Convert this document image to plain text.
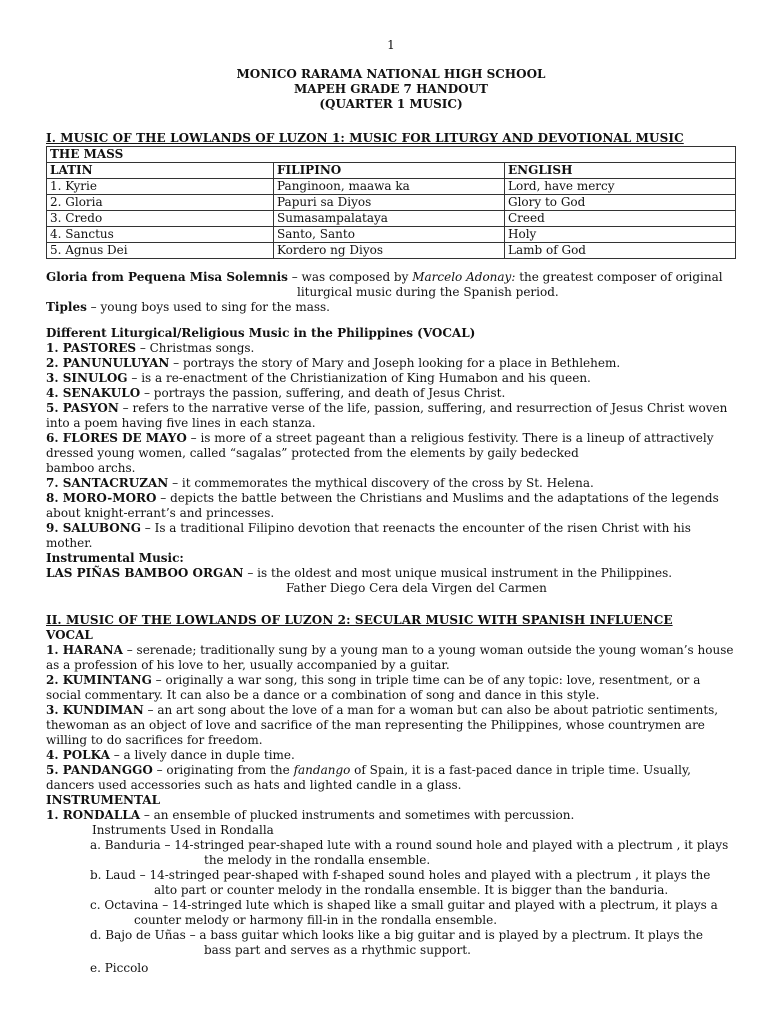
1
MONICO RARAMA NATIONAL HIGH SCHOOL
MAPEH GRADE 7 HANDOUT
(QUARTER 1 MUSIC)
I. MUSIC OF THE LOWLANDS OF LUZON 1: MUSIC FOR LITURGY AND DEVOTIONAL MUSIC
THE MASS		
LATIN	FILIPINO	ENGLISH
1. Kyrie	Panginoon, maawa ka	Lord, have mercy
2. Gloria	Papuri sa Diyos	Glory to God
3. Credo	Sumasampalataya	Creed
4. Sanctus	Santo, Santo	Holy
5. Agnus Dei	Kordero ng Diyos	Lamb of God

Gloria from Pequena Misa Solemnis – was composed by Marcelo Adonay: the greatest composer of original

liturgical music during the Spanish period.

Tiples – young boys used to sing for the mass.

Different Liturgical/Religious Music in the Philippines (VOCAL)

1. PASTORES – Christmas songs.

2. PANUNULUYAN – portrays the story of Mary and Joseph looking for a place in Bethlehem.

3. SINULOG – is a re-enactment of the Christianization of King Humabon and his queen.

4. SENAKULO – portrays the passion, suffering, and death of Jesus Christ.

5. PASYON – refers to the narrative verse of the life, passion, suffering, and resurrection of Jesus Christ woven into a poem having five lines in each stanza.

6. FLORES DE MAYO – is more of a street pageant than a religious festivity. There is a lineup of attractively dressed young women, called “sagalas” protected from the elements by gaily bedecked

bamboo archs.

7. SANTACRUZAN – it commemorates the mythical discovery of the cross by St. Helena.

8. MORO-MORO – depicts the battle between the Christians and Muslims and the adaptations of the legends about knight-errant’s and princesses.

9. SALUBONG – Is a traditional Filipino devotion that reenacts the encounter of the risen Christ with his mother.

Instrumental Music:

LAS PIÑAS BAMBOO ORGAN – is the oldest and most unique musical instrument in the Philippines.

Father Diego Cera dela Virgen del Carmen

II. MUSIC OF THE LOWLANDS OF LUZON 2: SECULAR MUSIC WITH SPANISH INFLUENCE

VOCAL

1. HARANA – serenade; traditionally sung by a young man to a young woman outside the young woman’s house as a profession of his love to her, usually accompanied by a guitar.

2. KUMINTANG – originally a war song, this song in triple time can be of any topic: love, resentment, or a social commentary. It can also be a dance or a combination of song and dance in this style.

3. KUNDIMAN – an art song about the love of a man for a woman but can also be about patriotic sentiments, thewoman as an object of love and sacrifice of the man representing the Philippines, whose countrymen are willing to do sacrifices for freedom.

4. POLKA – a lively dance in duple time.

5. PANDANGGO – originating from the fandango of Spain, it is a fast-paced dance in triple time. Usually, dancers used accessories such as hats and lighted candle in a glass.

INSTRUMENTAL

1. RONDALLA – an ensemble of plucked instruments and sometimes with percussion.

Instruments Used in Rondalla

a. Banduria – 14-stringed pear-shaped lute with a round sound hole and played with a plectrum , it plays

the melody in the rondalla ensemble.

b. Laud – 14-stringed pear-shaped with f-shaped sound holes and played with a plectrum , it plays the

alto part or counter melody in the rondalla ensemble. It is bigger than the banduria.

c. Octavina – 14-stringed lute which is shaped like a small guitar and played with a plectrum, it plays a

counter melody or harmony fill-in in the rondalla ensemble.

d. Bajo de Uñas – a bass guitar which looks like a big guitar and is played by a plectrum. It plays the

bass part and serves as a rhythmic support.

e. Piccolo
